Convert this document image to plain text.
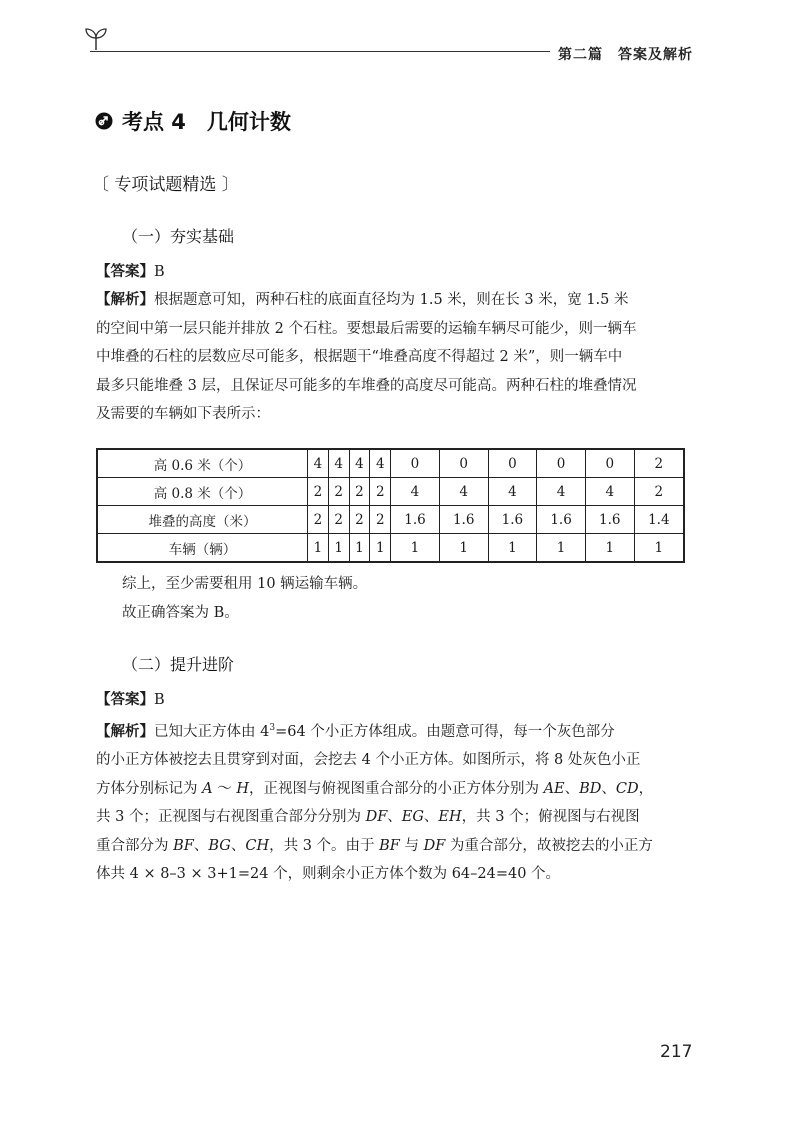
第二篇　答案及解析
考点 4　几何计数
〔 专项试题精选 〕
（一）夯实基础
【答案】B
【解析】根据题意可知，两种石柱的底面直径均为 1.5 米，则在长 3 米，宽 1.5 米
的空间中第一层只能并排放 2 个石柱。要想最后需要的运输车辆尽可能少，则一辆车
中堆叠的石柱的层数应尽可能多，根据题干“堆叠高度不得超过 2 米”，则一辆车中
最多只能堆叠 3 层，且保证尽可能多的车堆叠的高度尽可能高。两种石柱的堆叠情况
及需要的车辆如下表所示：
高 0.6 米（个）	4	4	4	4	0	0	0	0	0	2
高 0.8 米（个）	2	2	2	2	4	4	4	4	4	2
堆叠的高度（米）	2	2	2	2	1.6	1.6	1.6	1.6	1.6	1.4
车辆（辆）	1	1	1	1	1	1	1	1	1	1
综上，至少需要租用 10 辆运输车辆。
故正确答案为 B。
（二）提升进阶
【答案】B
【解析】已知大正方体由 $4^3=64$ 个小正方体组成。由题意可得，每一个灰色部分
的小正方体被挖去且贯穿到对面，会挖去 4 个小正方体。如图所示，将 8 处灰色小正
方体分别标记为 A ～ H，正视图与俯视图重合部分的小正方体分别为 AE、BD、CD，
共 3 个；正视图与右视图重合部分分别为 DF、EG、EH，共 3 个；俯视图与右视图
重合部分为 BF、BG、CH，共 3 个。由于 BF 与 DF 为重合部分，故被挖去的小正方
体共 4 × 8–3 × 3+1=24 个，则剩余小正方体个数为 64–24=40 个。
217
